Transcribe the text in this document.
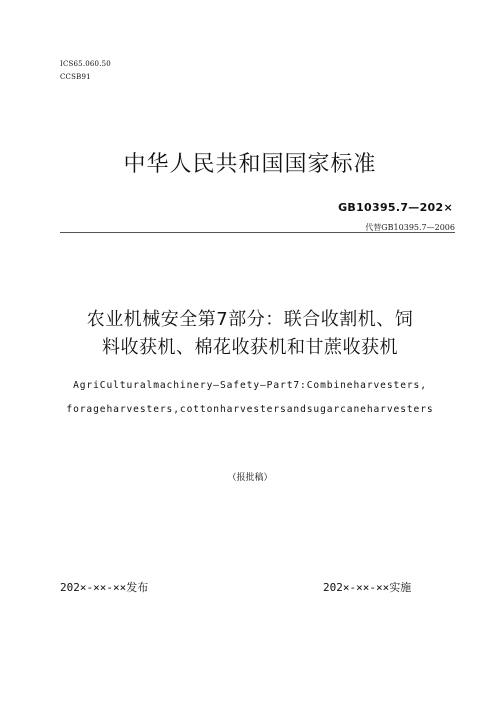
ICS65.060.50
CCSB91
中华人民共和国国家标准
GB10395.7—202×
代替GB10395.7—2006
农业机械安全第7部分：联合收割机、饲
料收获机、棉花收获机和甘蔗收获机
AgriCulturalmachinery—Safety—Part7:Combineharvesters,
forageharvesters,cottonharvestersandsugarcaneharvesters
（报批稿）
202×-××-××发布	202×-××-××实施
